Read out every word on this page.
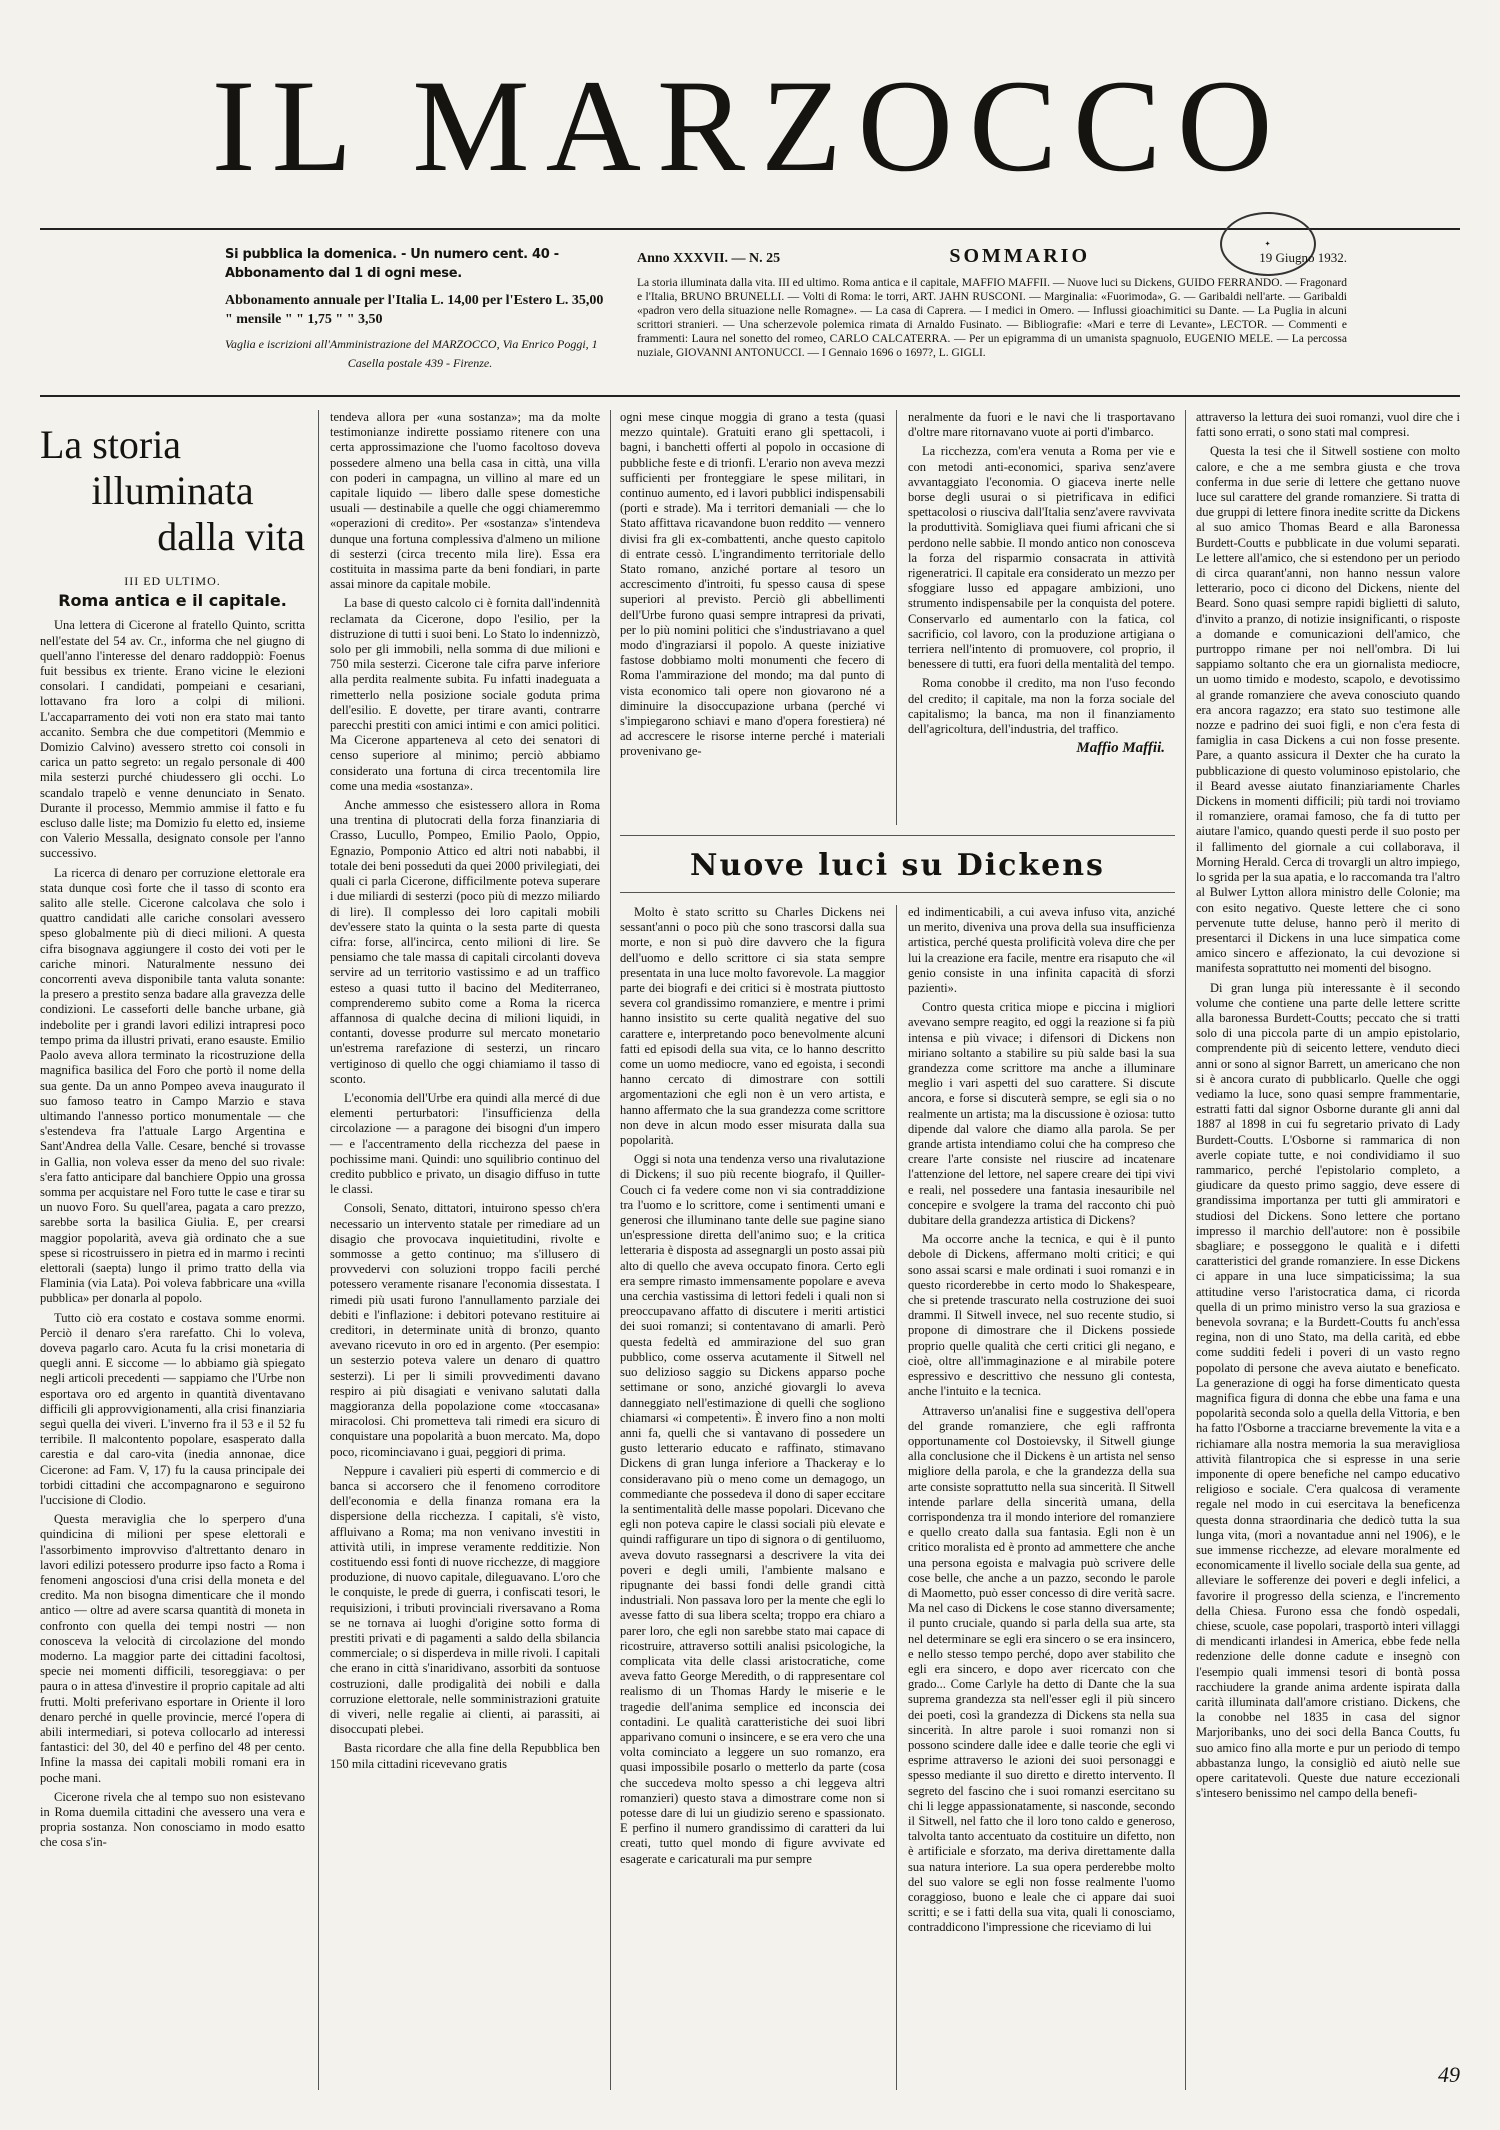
IL MARZOCCO
Si pubblica la domenica. - Un numero cent. 40 - Abbonamento dal 1 di ogni mese.
Abbonamento annuale per l'Italia L. 14,00 per l'Estero L. 35,00
" mensile " " 1,75 " " 3,50
Vaglia e iscrizioni all'Amministrazione del MARZOCCO, Via Enrico Poggi, 1
Casella postale 439 - Firenze.
✦
Anno XXXVII. — N. 25	SOMMARIO	19 Giugno 1932.
La storia illuminata dalla vita. III ed ultimo. Roma antica e il capitale, MAFFIO MAFFII. — Nuove luci su Dickens, GUIDO FERRANDO. — Fragonard e l'Italia, BRUNO BRUNELLI. — Volti di Roma: le torri, ART. JAHN RUSCONI. — Marginalia: «Fuorimoda», G. — Garibaldi nell'arte. — Garibaldi «padron vero della situazione nelle Romagne». — La casa di Caprera. — I medici in Omero. — Influssi gioachimitici su Dante. — La Puglia in alcuni scrittori stranieri. — Una scherzevole polemica rimata di Arnaldo Fusinato. — Bibliografie: «Mari e terre di Levante», LECTOR. — Commenti e frammenti: Laura nel sonetto del romeo, CARLO CALCATERRA. — Per un epigramma di un umanista spagnuolo, EUGENIO MELE. — La percossa nuziale, GIOVANNI ANTONUCCI. — I Gennaio 1696 o 1697?, L. GIGLI.
La storia
illuminata
dalla vita
III ED ULTIMO.
Roma antica e il capitale.

Una lettera di Cicerone al fratello Quinto, scritta nell'estate del 54 av. Cr., informa che nel giugno di quell'anno l'interesse del denaro raddoppiò: Foenus fuit bessibus ex triente. Erano vicine le elezioni consolari. I candidati, pompeiani e cesariani, lottavano fra loro a colpi di milioni. L'accaparramento dei voti non era stato mai tanto accanito. Sembra che due competitori (Memmio e Domizio Calvino) avessero stretto coi consoli in carica un patto segreto: un regalo personale di 400 mila sesterzi purché chiudessero gli occhi. Lo scandalo trapelò e venne denunciato in Senato. Durante il processo, Memmio ammise il fatto e fu escluso dalle liste; ma Domizio fu eletto ed, insieme con Valerio Messalla, designato console per l'anno successivo.

La ricerca di denaro per corruzione elettorale era stata dunque così forte che il tasso di sconto era salito alle stelle. Cicerone calcolava che solo i quattro candidati alle cariche consolari avessero speso globalmente più di dieci milioni. A questa cifra bisognava aggiungere il costo dei voti per le cariche minori. Naturalmente nessuno dei concorrenti aveva disponibile tanta valuta sonante: la presero a prestito senza badare alla gravezza delle condizioni. Le casseforti delle banche urbane, già indebolite per i grandi lavori edilizi intrapresi poco tempo prima da illustri privati, erano esauste. Emilio Paolo aveva allora terminato la ricostruzione della magnifica basilica del Foro che portò il nome della sua gente. Da un anno Pompeo aveva inaugurato il suo famoso teatro in Campo Marzio e stava ultimando l'annesso portico monumentale — che s'estendeva fra l'attuale Largo Argentina e Sant'Andrea della Valle. Cesare, benché si trovasse in Gallia, non voleva esser da meno del suo rivale: s'era fatto anticipare dal banchiere Oppio una grossa somma per acquistare nel Foro tutte le case e tirar su un nuovo Foro. Su quell'area, pagata a caro prezzo, sarebbe sorta la basilica Giulia. E, per crearsi maggior popolarità, aveva già ordinato che a sue spese si ricostruissero in pietra ed in marmo i recinti elettorali (saepta) lungo il primo tratto della via Flaminia (via Lata). Poi voleva fabbricare una «villa pubblica» per donarla al popolo.

Tutto ciò era costato e costava somme enormi. Perciò il denaro s'era rarefatto. Chi lo voleva, doveva pagarlo caro. Acuta fu la crisi monetaria di quegli anni. E siccome — lo abbiamo già spiegato negli articoli precedenti — sappiamo che l'Urbe non esportava oro ed argento in quantità diventavano difficili gli approvvigionamenti, alla crisi finanziaria seguì quella dei viveri. L'inverno fra il 53 e il 52 fu terribile. Il malcontento popolare, esasperato dalla carestia e dal caro-vita (inedia annonae, dice Cicerone: ad Fam. V, 17) fu la causa principale dei torbidi cittadini che accompagnarono e seguirono l'uccisione di Clodio.

Questa meraviglia che lo sperpero d'una quindicina di milioni per spese elettorali e l'assorbimento improvviso d'altrettanto denaro in lavori edilizi potessero produrre ipso facto a Roma i fenomeni angosciosi d'una crisi della moneta e del credito. Ma non bisogna dimenticare che il mondo antico — oltre ad avere scarsa quantità di moneta in confronto con quella dei tempi nostri — non conosceva la velocità di circolazione del mondo moderno. La maggior parte dei cittadini facoltosi, specie nei momenti difficili, tesoreggiava: o per paura o in attesa d'investire il proprio capitale ad alti frutti. Molti preferivano esportare in Oriente il loro denaro perché in quelle provincie, mercé l'opera di abili intermediari, si poteva collocarlo ad interessi fantastici: del 30, del 40 e perfino del 48 per cento. Infine la massa dei capitali mobili romani era in poche mani.

Cicerone rivela che al tempo suo non esistevano in Roma duemila cittadini che avessero una vera e propria sostanza. Non conosciamo in modo esatto che cosa s'in-

tendeva allora per «una sostanza»; ma da molte testimonianze indirette possiamo ritenere con una certa approssimazione che l'uomo facoltoso doveva possedere almeno una bella casa in città, una villa con poderi in campagna, un villino al mare ed un capitale liquido — libero dalle spese domestiche usuali — destinabile a quelle che oggi chiameremmo «operazioni di credito». Per «sostanza» s'intendeva dunque una fortuna complessiva d'almeno un milione di sesterzi (circa trecento mila lire). Essa era costituita in massima parte da beni fondiari, in parte assai minore da capitale mobile.

La base di questo calcolo ci è fornita dall'indennità reclamata da Cicerone, dopo l'esilio, per la distruzione di tutti i suoi beni. Lo Stato lo indennizzò, solo per gli immobili, nella somma di due milioni e 750 mila sesterzi. Cicerone tale cifra parve inferiore alla perdita realmente subita. Fu infatti inadeguata a rimetterlo nella posizione sociale goduta prima dell'esilio. E dovette, per tirare avanti, contrarre parecchi prestiti con amici intimi e con amici politici. Ma Cicerone apparteneva al ceto dei senatori di censo superiore al minimo; perciò abbiamo considerato una fortuna di circa trecentomila lire come una media «sostanza».

Anche ammesso che esistessero allora in Roma una trentina di plutocrati della forza finanziaria di Crasso, Lucullo, Pompeo, Emilio Paolo, Oppio, Egnazio, Pomponio Attico ed altri noti nababbi, il totale dei beni posseduti da quei 2000 privilegiati, dei quali ci parla Cicerone, difficilmente poteva superare i due miliardi di sesterzi (poco più di mezzo miliardo di lire). Il complesso dei loro capitali mobili dev'essere stato la quinta o la sesta parte di questa cifra: forse, all'incirca, cento milioni di lire. Se pensiamo che tale massa di capitali circolanti doveva servire ad un territorio vastissimo e ad un traffico esteso a quasi tutto il bacino del Mediterraneo, comprenderemo subito come a Roma la ricerca affannosa di qualche decina di milioni liquidi, in contanti, dovesse produrre sul mercato monetario un'estrema rarefazione di sesterzi, un rincaro vertiginoso di quello che oggi chiamiamo il tasso di sconto.

L'economia dell'Urbe era quindi alla mercé di due elementi perturbatori: l'insufficienza della circolazione — a paragone dei bisogni d'un impero — e l'accentramento della ricchezza del paese in pochissime mani. Quindi: uno squilibrio continuo del credito pubblico e privato, un disagio diffuso in tutte le classi.

Consoli, Senato, dittatori, intuirono spesso ch'era necessario un intervento statale per rimediare ad un disagio che provocava inquietitudini, rivolte e sommosse a getto continuo; ma s'illusero di provvedervi con soluzioni troppo facili perché potessero veramente risanare l'economia dissestata. I rimedi più usati furono l'annullamento parziale dei debiti e l'inflazione: i debitori potevano restituire ai creditori, in determinate unità di bronzo, quanto avevano ricevuto in oro ed in argento. (Per esempio: un sesterzio poteva valere un denaro di quattro sesterzi). Li per li simili provvedimenti davano respiro ai più disagiati e venivano salutati dalla maggioranza della popolazione come «toccasana» miracolosi. Chi prometteva tali rimedi era sicuro di conquistare una popolarità a buon mercato. Ma, dopo poco, ricominciavano i guai, peggiori di prima.

Neppure i cavalieri più esperti di commercio e di banca si accorsero che il fenomeno corroditore dell'economia e della finanza romana era la dispersione della ricchezza. I capitali, s'è visto, affluivano a Roma; ma non venivano investiti in attività utili, in imprese veramente redditizie. Non costituendo essi fonti di nuove ricchezze, di maggiore produzione, di nuovo capitale, dileguavano. L'oro che le conquiste, le prede di guerra, i confiscati tesori, le requisizioni, i tributi provinciali riversavano a Roma se ne tornava ai luoghi d'origine sotto forma di prestiti privati e di pagamenti a saldo della sbilancia commerciale; o si disperdeva in mille rivoli. I capitali che erano in città s'inaridivano, assorbiti da sontuose costruzioni, dalle prodigalità dei nobili e dalla corruzione elettorale, nelle somministrazioni gratuite di viveri, nelle regalie ai clienti, ai parassiti, ai disoccupati plebei.

Basta ricordare che alla fine della Repubblica ben 150 mila cittadini ricevevano gratis

ogni mese cinque moggia di grano a testa (quasi mezzo quintale). Gratuiti erano gli spettacoli, i bagni, i banchetti offerti al popolo in occasione di pubbliche feste e di trionfi. L'erario non aveva mezzi sufficienti per fronteggiare le spese militari, in continuo aumento, ed i lavori pubblici indispensabili (porti e strade). Ma i territori demaniali — che lo Stato affittava ricavandone buon reddito — vennero divisi fra gli ex-combattenti, anche questo capitolo di entrate cessò. L'ingrandimento territoriale dello Stato romano, anziché portare al tesoro un accrescimento d'introiti, fu spesso causa di spese superiori al previsto. Perciò gli abbellimenti dell'Urbe furono quasi sempre intrapresi da privati, per lo più nomini politici che s'industriavano a quel modo d'ingraziarsi il popolo. A queste iniziative fastose dobbiamo molti monumenti che fecero di Roma l'ammirazione del mondo; ma dal punto di vista economico tali opere non giovarono né a diminuire la disoccupazione urbana (perché vi s'impiegarono schiavi e mano d'opera forestiera) né ad accrescere le risorse interne perché i materiali provenivano ge-

neralmente da fuori e le navi che li trasportavano d'oltre mare ritornavano vuote ai porti d'imbarco.

La ricchezza, com'era venuta a Roma per vie e con metodi anti-economici, spariva senz'avere avvantaggiato l'economia. O giaceva inerte nelle borse degli usurai o si pietrificava in edifici spettacolosi o riusciva dall'Italia senz'avere ravvivata la produttività. Somigliava quei fiumi africani che si perdono nelle sabbie. Il mondo antico non conosceva la forza del risparmio consacrata in attività rigeneratrici. Il capitale era considerato un mezzo per sfoggiare lusso ed appagare ambizioni, uno strumento indispensabile per la conquista del potere. Conservarlo ed aumentarlo con la fatica, col sacrificio, col lavoro, con la produzione artigiana o terriera nell'intento di promuovere, col proprio, il benessere di tutti, era fuori della mentalità del tempo.

Roma conobbe il credito, ma non l'uso fecondo del credito; il capitale, ma non la forza sociale del capitalismo; la banca, ma non il finanziamento dell'agricoltura, dell'industria, del traffico.

Maffio Maffii.
Nuove luci su Dickens

Molto è stato scritto su Charles Dickens nei sessant'anni o poco più che sono trascorsi dalla sua morte, e non si può dire davvero che la figura dell'uomo e dello scrittore ci sia stata sempre presentata in una luce molto favorevole. La maggior parte dei biografi e dei critici si è mostrata piuttosto severa col grandissimo romanziere, e mentre i primi hanno insistito su certe qualità negative del suo carattere e, interpretando poco benevolmente alcuni fatti ed episodi della sua vita, ce lo hanno descritto come un uomo mediocre, vano ed egoista, i secondi hanno cercato di dimostrare con sottili argomentazioni che egli non è un vero artista, e hanno affermato che la sua grandezza come scrittore non deve in alcun modo esser misurata dalla sua popolarità.

Oggi si nota una tendenza verso una rivalutazione di Dickens; il suo più recente biografo, il Quiller-Couch ci fa vedere come non vi sia contraddizione tra l'uomo e lo scrittore, come i sentimenti umani e generosi che illuminano tante delle sue pagine siano un'espressione diretta dell'animo suo; e la critica letteraria è disposta ad assegnargli un posto assai più alto di quello che aveva occupato finora. Certo egli era sempre rimasto immensamente popolare e aveva una cerchia vastissima di lettori fedeli i quali non si preoccupavano affatto di discutere i meriti artistici dei suoi romanzi; si contentavano di amarli. Però questa fedeltà ed ammirazione del suo gran pubblico, come osserva acutamente il Sitwell nel suo delizioso saggio su Dickens apparso poche settimane or sono, anziché giovargli lo aveva danneggiato nell'estimazione di quelli che sogliono chiamarsi «i competenti». È invero fino a non molti anni fa, quelli che si vantavano di possedere un gusto letterario educato e raffinato, stimavano Dickens di gran lunga inferiore a Thackeray e lo consideravano più o meno come un demagogo, un commediante che possedeva il dono di saper eccitare la sentimentalità delle masse popolari. Dicevano che egli non poteva capire le classi sociali più elevate e quindi raffigurare un tipo di signora o di gentiluomo, aveva dovuto rassegnarsi a descrivere la vita dei poveri e degli umili, l'ambiente malsano e ripugnante dei bassi fondi delle grandi città industriali. Non passava loro per la mente che egli lo avesse fatto di sua libera scelta; troppo era chiaro a parer loro, che egli non sarebbe stato mai capace di ricostruire, attraverso sottili analisi psicologiche, la complicata vita delle classi aristocratiche, come aveva fatto George Meredith, o di rappresentare col realismo di un Thomas Hardy le miserie e le tragedie dell'anima semplice ed inconscia dei contadini. Le qualità caratteristiche dei suoi libri apparivano comuni o insincere, e se era vero che una volta cominciato a leggere un suo romanzo, era quasi impossibile posarlo o metterlo da parte (cosa che succedeva molto spesso a chi leggeva altri romanzieri) questo stava a dimostrare come non si potesse dare di lui un giudizio sereno e spassionato. E perfino il numero grandissimo di caratteri da lui creati, tutto quel mondo di figure avvivate ed esagerate e caricaturali ma pur sempre

ed indimenticabili, a cui aveva infuso vita, anziché un merito, diveniva una prova della sua insufficienza artistica, perché questa prolificità voleva dire che per lui la creazione era facile, mentre era risaputo che «il genio consiste in una infinita capacità di sforzi pazienti».

Contro questa critica miope e piccina i migliori avevano sempre reagito, ed oggi la reazione si fa più intensa e più vivace; i difensori di Dickens non miriano soltanto a stabilire su più salde basi la sua grandezza come scrittore ma anche a illuminare meglio i vari aspetti del suo carattere. Si discute ancora, e forse si discuterà sempre, se egli sia o no realmente un artista; ma la discussione è oziosa: tutto dipende dal valore che diamo alla parola. Se per grande artista intendiamo colui che ha compreso che creare l'arte consiste nel riuscire ad incatenare l'attenzione del lettore, nel sapere creare dei tipi vivi e reali, nel possedere una fantasia inesauribile nel concepire e svolgere la trama del racconto chi può dubitare della grandezza artistica di Dickens?

Ma occorre anche la tecnica, e qui è il punto debole di Dickens, affermano molti critici; e qui sono assai scarsi e male ordinati i suoi romanzi e in questo ricorderebbe in certo modo lo Shakespeare, che si pretende trascurato nella costruzione dei suoi drammi. Il Sitwell invece, nel suo recente studio, si propone di dimostrare che il Dickens possiede proprio quelle qualità che certi critici gli negano, e cioè, oltre all'immaginazione e al mirabile potere espressivo e descrittivo che nessuno gli contesta, anche l'intuito e la tecnica.

Attraverso un'analisi fine e suggestiva dell'opera del grande romanziere, che egli raffronta opportunamente col Dostoievsky, il Sitwell giunge alla conclusione che il Dickens è un artista nel senso migliore della parola, e che la grandezza della sua arte consiste soprattutto nella sua sincerità. Il Sitwell intende parlare della sincerità umana, della corrispondenza tra il mondo interiore del romanziere e quello creato dalla sua fantasia. Egli non è un critico moralista ed è pronto ad ammettere che anche una persona egoista e malvagia può scrivere delle cose belle, che anche a un pazzo, secondo le parole di Maometto, può esser concesso di dire verità sacre. Ma nel caso di Dickens le cose stanno diversamente; il punto cruciale, quando si parla della sua arte, sta nel determinare se egli era sincero o se era insincero, e nello stesso tempo perché, dopo aver stabilito che egli era sincero, e dopo aver ricercato con che grado... Come Carlyle ha detto di Dante che la sua suprema grandezza sta nell'esser egli il più sincero dei poeti, così la grandezza di Dickens sta nella sua sincerità. In altre parole i suoi romanzi non si possono scindere dalle idee e dalle teorie che egli vi esprime attraverso le azioni dei suoi personaggi e spesso mediante il suo diretto e diretto intervento. Il segreto del fascino che i suoi romanzi esercitano su chi li legge appassionatamente, si nasconde, secondo il Sitwell, nel fatto che il loro tono caldo e generoso, talvolta tanto accentuato da costituire un difetto, non è artificiale e sforzato, ma deriva direttamente dalla sua natura interiore. La sua opera perderebbe molto del suo valore se egli non fosse realmente l'uomo coraggioso, buono e leale che ci appare dai suoi scritti; e se i fatti della sua vita, quali li conosciamo, contraddicono l'impressione che riceviamo di lui

attraverso la lettura dei suoi romanzi, vuol dire che i fatti sono errati, o sono stati mal compresi.

Questa la tesi che il Sitwell sostiene con molto calore, e che a me sembra giusta e che trova conferma in due serie di lettere che gettano nuove luce sul carattere del grande romanziere. Si tratta di due gruppi di lettere finora inedite scritte da Dickens al suo amico Thomas Beard e alla Baronessa Burdett-Coutts e pubblicate in due volumi separati. Le lettere all'amico, che si estendono per un periodo di circa quarant'anni, non hanno nessun valore letterario, poco ci dicono del Dickens, niente del Beard. Sono quasi sempre rapidi biglietti di saluto, d'invito a pranzo, di notizie insignificanti, o risposte a domande e comunicazioni dell'amico, che purtroppo rimane per noi nell'ombra. Di lui sappiamo soltanto che era un giornalista mediocre, un uomo timido e modesto, scapolo, e devotissimo al grande romanziere che aveva conosciuto quando era ancora ragazzo; era stato suo testimone alle nozze e padrino dei suoi figli, e non c'era festa di famiglia in casa Dickens a cui non fosse presente. Pare, a quanto assicura il Dexter che ha curato la pubblicazione di questo voluminoso epistolario, che il Beard avesse aiutato finanziariamente Charles Dickens in momenti difficili; più tardi noi troviamo il romanziere, oramai famoso, che fa di tutto per aiutare l'amico, quando questi perde il suo posto per il fallimento del giornale a cui collaborava, il Morning Herald. Cerca di trovargli un altro impiego, lo sgrida per la sua apatia, e lo raccomanda tra l'altro al Bulwer Lytton allora ministro delle Colonie; ma con esito negativo. Queste lettere che ci sono pervenute tutte deluse, hanno però il merito di presentarci il Dickens in una luce simpatica come amico sincero e affezionato, la cui devozione si manifesta soprattutto nei momenti del bisogno.

Di gran lunga più interessante è il secondo volume che contiene una parte delle lettere scritte alla baronessa Burdett-Coutts; peccato che si tratti solo di una piccola parte di un ampio epistolario, comprendente più di seicento lettere, venduto dieci anni or sono al signor Barrett, un americano che non si è ancora curato di pubblicarlo. Quelle che oggi vediamo la luce, sono quasi sempre frammentarie, estratti fatti dal signor Osborne durante gli anni dal 1887 al 1898 in cui fu segretario privato di Lady Burdett-Coutts. L'Osborne si rammarica di non averle copiate tutte, e noi condividiamo il suo rammarico, perché l'epistolario completo, a giudicare da questo primo saggio, deve essere di grandissima importanza per tutti gli ammiratori e studiosi del Dickens. Sono lettere che portano impresso il marchio dell'autore: non è possibile sbagliare; e posseggono le qualità e i difetti caratteristici del grande romanziere. In esse Dickens ci appare in una luce simpaticissima; la sua attitudine verso l'aristocratica dama, ci ricorda quella di un primo ministro verso la sua graziosa e benevola sovrana; e la Burdett-Coutts fu anch'essa regina, non di uno Stato, ma della carità, ed ebbe come sudditi fedeli i poveri di un vasto regno popolato di persone che aveva aiutato e beneficato. La generazione di oggi ha forse dimenticato questa magnifica figura di donna che ebbe una fama e una popolarità seconda solo a quella della Vittoria, e ben ha fatto l'Osborne a tracciarne brevemente la vita e a richiamare alla nostra memoria la sua meravigliosa attività filantropica che si espresse in una serie imponente di opere benefiche nel campo educativo religioso e sociale. C'era qualcosa di veramente regale nel modo in cui esercitava la beneficenza questa donna straordinaria che dedicò tutta la sua lunga vita, (morì a novantadue anni nel 1906), e le sue immense ricchezze, ad elevare moralmente ed economicamente il livello sociale della sua gente, ad alleviare le sofferenze dei poveri e degli infelici, a favorire il progresso della scienza, e l'incremento della Chiesa. Furono essa che fondò ospedali, chiese, scuole, case popolari, trasportò interi villaggi di mendicanti irlandesi in America, ebbe fede nella redenzione delle donne cadute e insegnò con l'esempio quali immensi tesori di bontà possa racchiudere la grande anima ardente ispirata dalla carità illuminata dall'amore cristiano. Dickens, che la conobbe nel 1835 in casa del signor Marjoribanks, uno dei soci della Banca Coutts, fu suo amico fino alla morte e pur un periodo di tempo abbastanza lungo, la consigliò ed aiutò nelle sue opere caritatevoli. Queste due nature eccezionali s'intesero benissimo nel campo della benefi-

49
